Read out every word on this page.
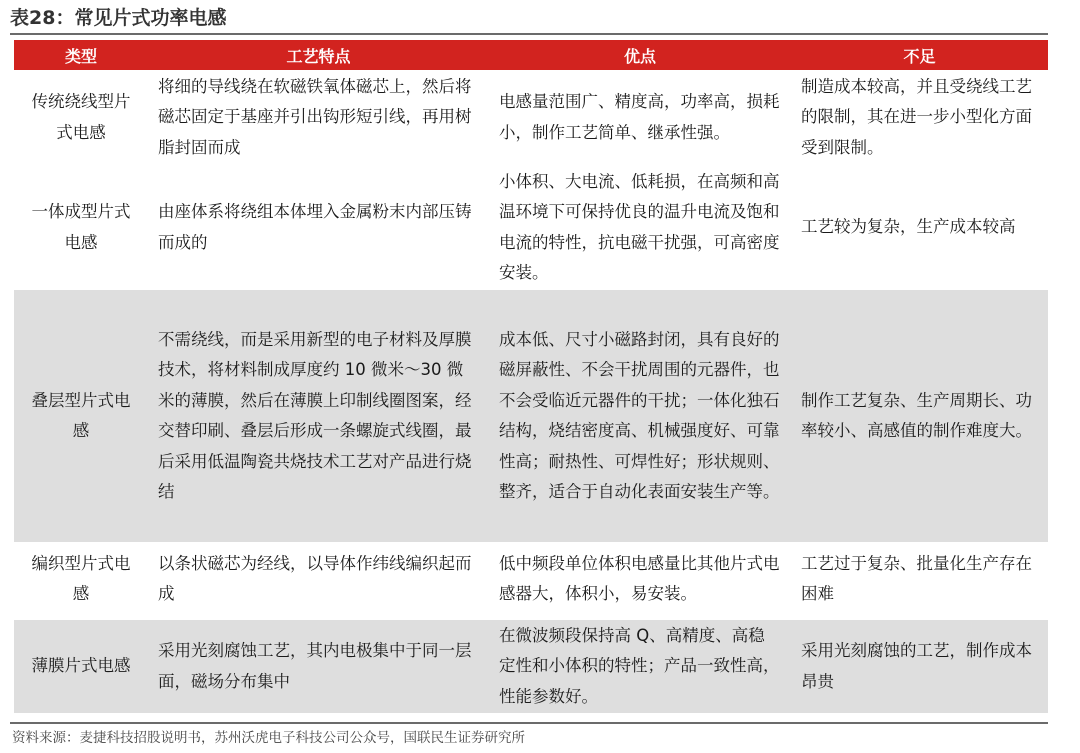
表28：常见片式功率电感
类型	工艺特点	优点	不足
传统绕线型片式电感	将细的导线绕在软磁铁氧体磁芯上，然后将磁芯固定于基座并引出钩形短引线，再用树脂封固而成	电感量范围广、精度高，功率高，损耗小，制作工艺简单、继承性强。	制造成本较高，并且受绕线工艺的限制，其在进一步小型化方面受到限制。
一体成型片式电感	由座体系将绕组本体埋入金属粉末内部压铸而成的	小体积、大电流、低耗损，在高频和高温环境下可保持优良的温升电流及饱和电流的特性，抗电磁干扰强，可高密度安装。	工艺较为复杂，生产成本较高
叠层型片式电感	不需绕线，而是采用新型的电子材料及厚膜技术，将材料制成厚度约 10 微米～30 微米的薄膜，然后在薄膜上印制线圈图案，经交替印刷、叠层后形成一条螺旋式线圈，最后采用低温陶瓷共烧技术工艺对产品进行烧结	成本低、尺寸小磁路封闭，具有良好的磁屏蔽性、不会干扰周围的元器件，也不会受临近元器件的干扰；一体化独石结构，烧结密度高、机械强度好、可靠性高；耐热性、可焊性好；形状规则、整齐，适合于自动化表面安装生产等。	制作工艺复杂、生产周期长、功率较小、高感值的制作难度大。
编织型片式电感	以条状磁芯为经线，以导体作纬线编织起而成	低中频段单位体积电感量比其他片式电感器大，体积小，易安装。	工艺过于复杂、批量化生产存在困难
薄膜片式电感	采用光刻腐蚀工艺，其内电极集中于同一层面，磁场分布集中	在微波频段保持高 Q、高精度、高稳定性和小体积的特性；产品一致性高，性能参数好。	采用光刻腐蚀的工艺，制作成本昂贵
资料来源：麦捷科技招股说明书，苏州沃虎电子科技公司公众号，国联民生证券研究所
